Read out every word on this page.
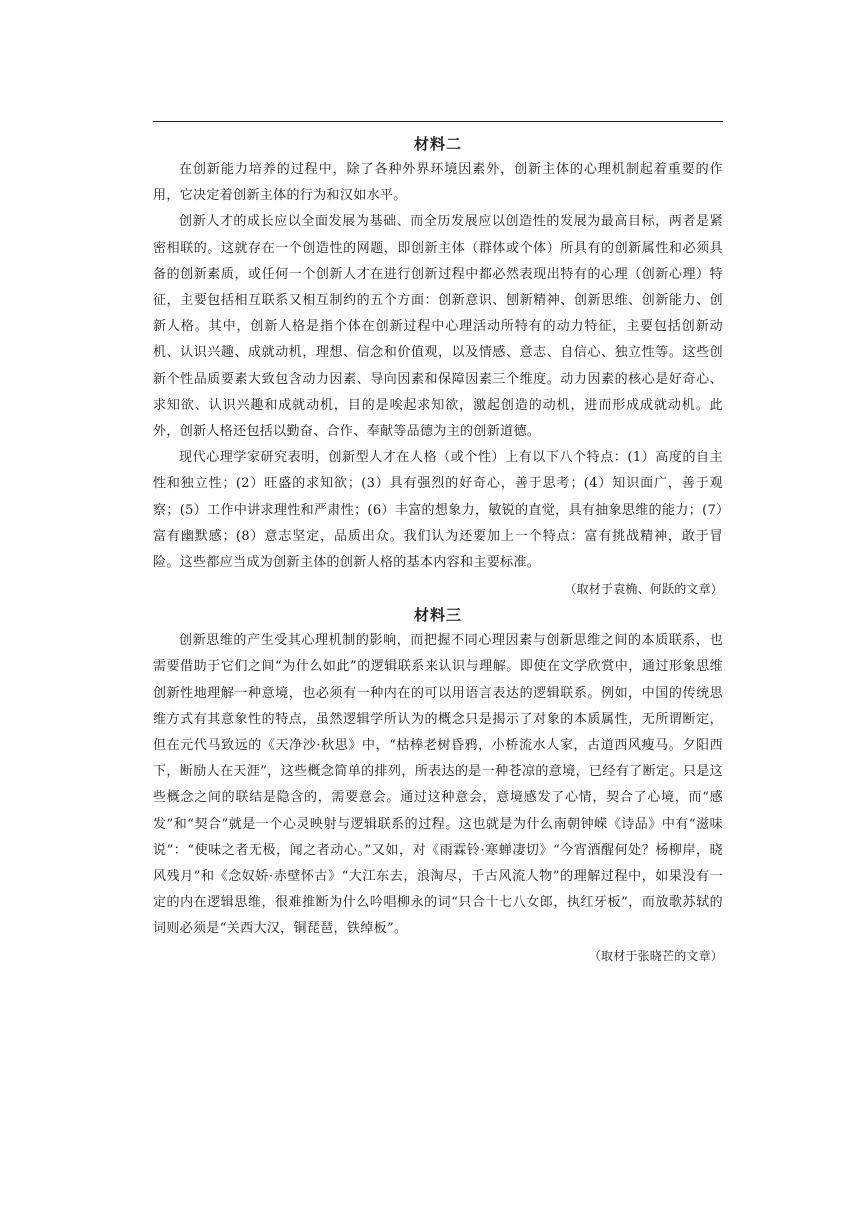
材料二

在创新能力培养的过程中，除了各种外界环境因素外，创新主体的心理机制起着重要的作用，它决定着创新主体的行为和汉如水平。

创新人才的成长应以全面发展为基础、而全历发展应以创造性的发展为最高目标，两者是紧密相联的。这就存在一个创造性的网题，即创新主体（群体或个体）所具有的创新属性和必须具备的创新素质，或任何一个创新人才在进行创新过程中都必然表现出特有的心理（创新心理）特征，主要包括相互联系又相互制约的五个方面：创新意识、刨新精神、创新思维、创新能力、创新人格。其中，创新人格是指个体在创新过程中心理活动所特有的动力特征，主要包括创新动机、认识兴趣、成就动机，理想、信念和价值观，以及情感、意志、自信心、独立性等。这些创新个性品质要素大致包含动力因素、导向因素和保障因素三个维度。动力因素的核心是好奇心、求知欲、认识兴趣和成就动机，目的是唉起求知欲，激起创造的动机，进而形成成就动机。此外，创新人格还包括以勤奋、合作、奉献等品德为主的创新道德。

现代心理学家研究表明，创新型人才在人格（或个性）上有以下八个特点：(1）高度的自主性和独立性；(2）旺盛的求知欲；(3）具有强烈的好奇心，善于思考；(4）知识面广，善于观察；(5）工作中讲求理性和严肃性；(6）丰富的想象力，敏锐的直觉，具有抽象思维的能力；(7）富有幽默感；(8）意志坚定，品质出众。我们认为还要加上一个特点：富有挑战精神，敢于冒险。这些都应当成为创新主体的创新人格的基本内容和主要标准。

（取材于袁桷、何跃的文章）
材料三

创新思维的产生受其心理机制的影响，而把握不同心理因素与创新思维之间的本质联系，也需要借助于它们之间“为什么如此”的逻辑联系来认识与理解。即使在文学欣赏中，通过形象思维创新性地理解一种意境，也必须有一种内在的可以用语言表达的逻辑联系。例如，中国的传统思维方式有其意象性的特点，虽然逻辑学所认为的概念只是揭示了对象的本质属性，无所谓断定，但在元代马致远的《天净沙·秋思》中，“枯棒老树昏鸦，小桥流水人家，古道西风瘦马。夕阳西下，断励人在天涯”，这些概念简单的排列，所表达的是一种苍凉的意境，已经有了断定。只是这些概念之间的联结是隐含的，需要意会。通过这种意会，意境感发了心情，契合了心境，而“感发”和“契合”就是一个心灵映射与逻辑联系的过程。这也就是为什么南朝钟嵘《诗品》中有“滋味说”：“使味之者无极，闻之者动心。”又如，对《雨霖铃·寒蝉凄切》“今宵酒醒何处？杨柳岸，晓风残月”和《念奴娇·赤壁怀古》“大江东去，浪淘尽，千古风流人物”的理解过程中，如果没有一定的内在逻辑思维，很难推断为什么吟唱柳永的词“只合十七八女郎，执红牙板”，而放歌苏轼的词则必须是“关西大汉，铜琵琶，铁绰板”。

（取材于张晓芒的文章）
